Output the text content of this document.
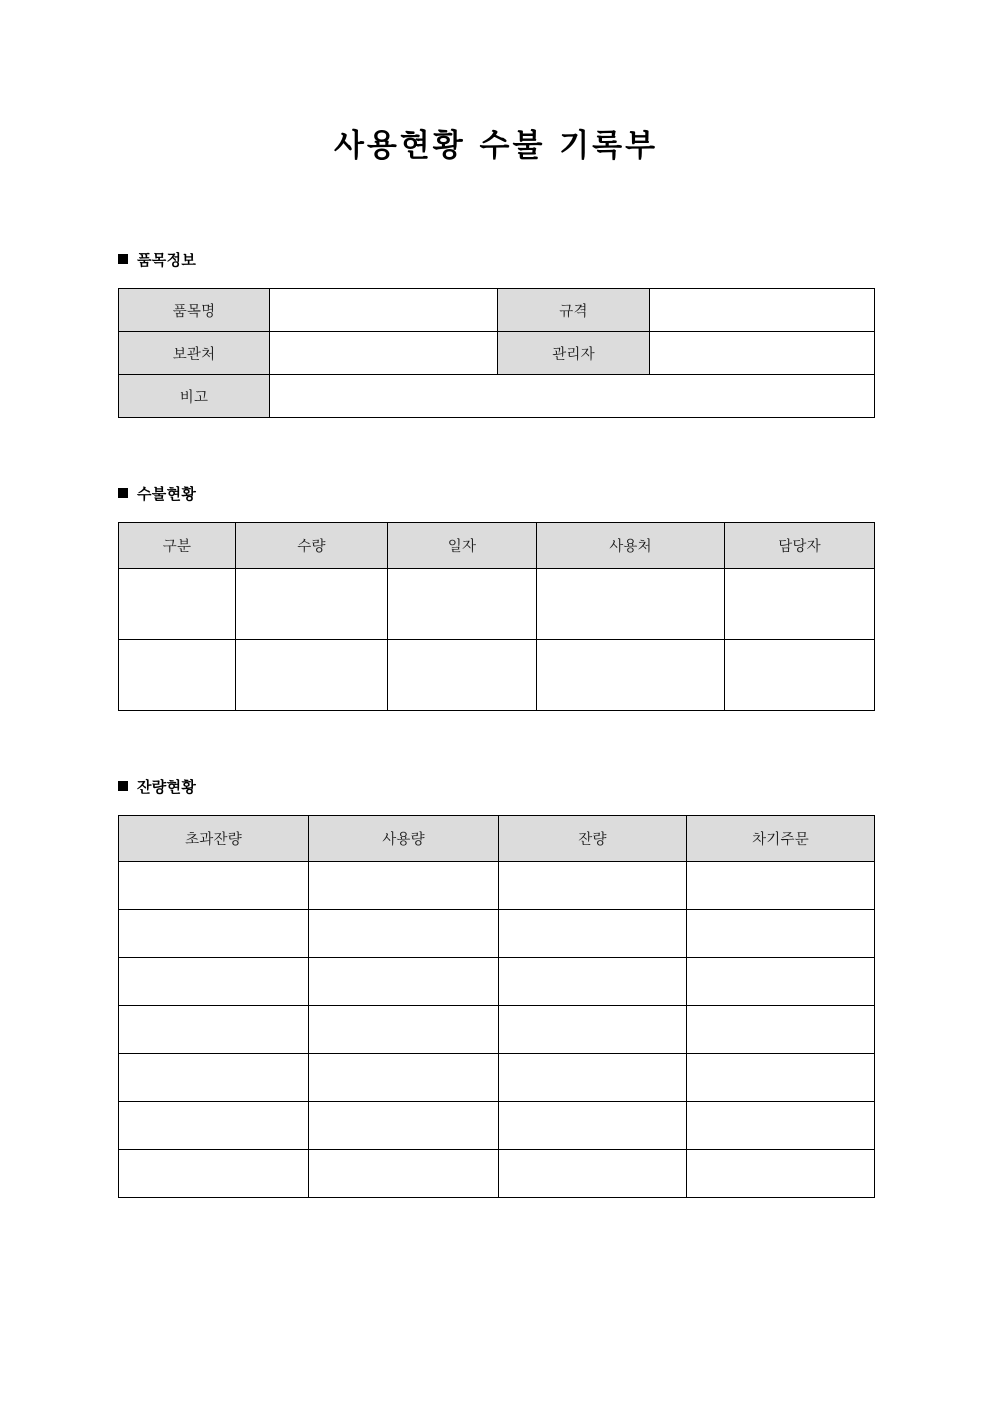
사용현황 수불 기록부
품목정보
품목명		규격	
보관처		관리자	
비고			
수불현황
구분	수량	일자	사용처	담당자

잔량현황
초과잔량	사용량	잔량	차기주문
